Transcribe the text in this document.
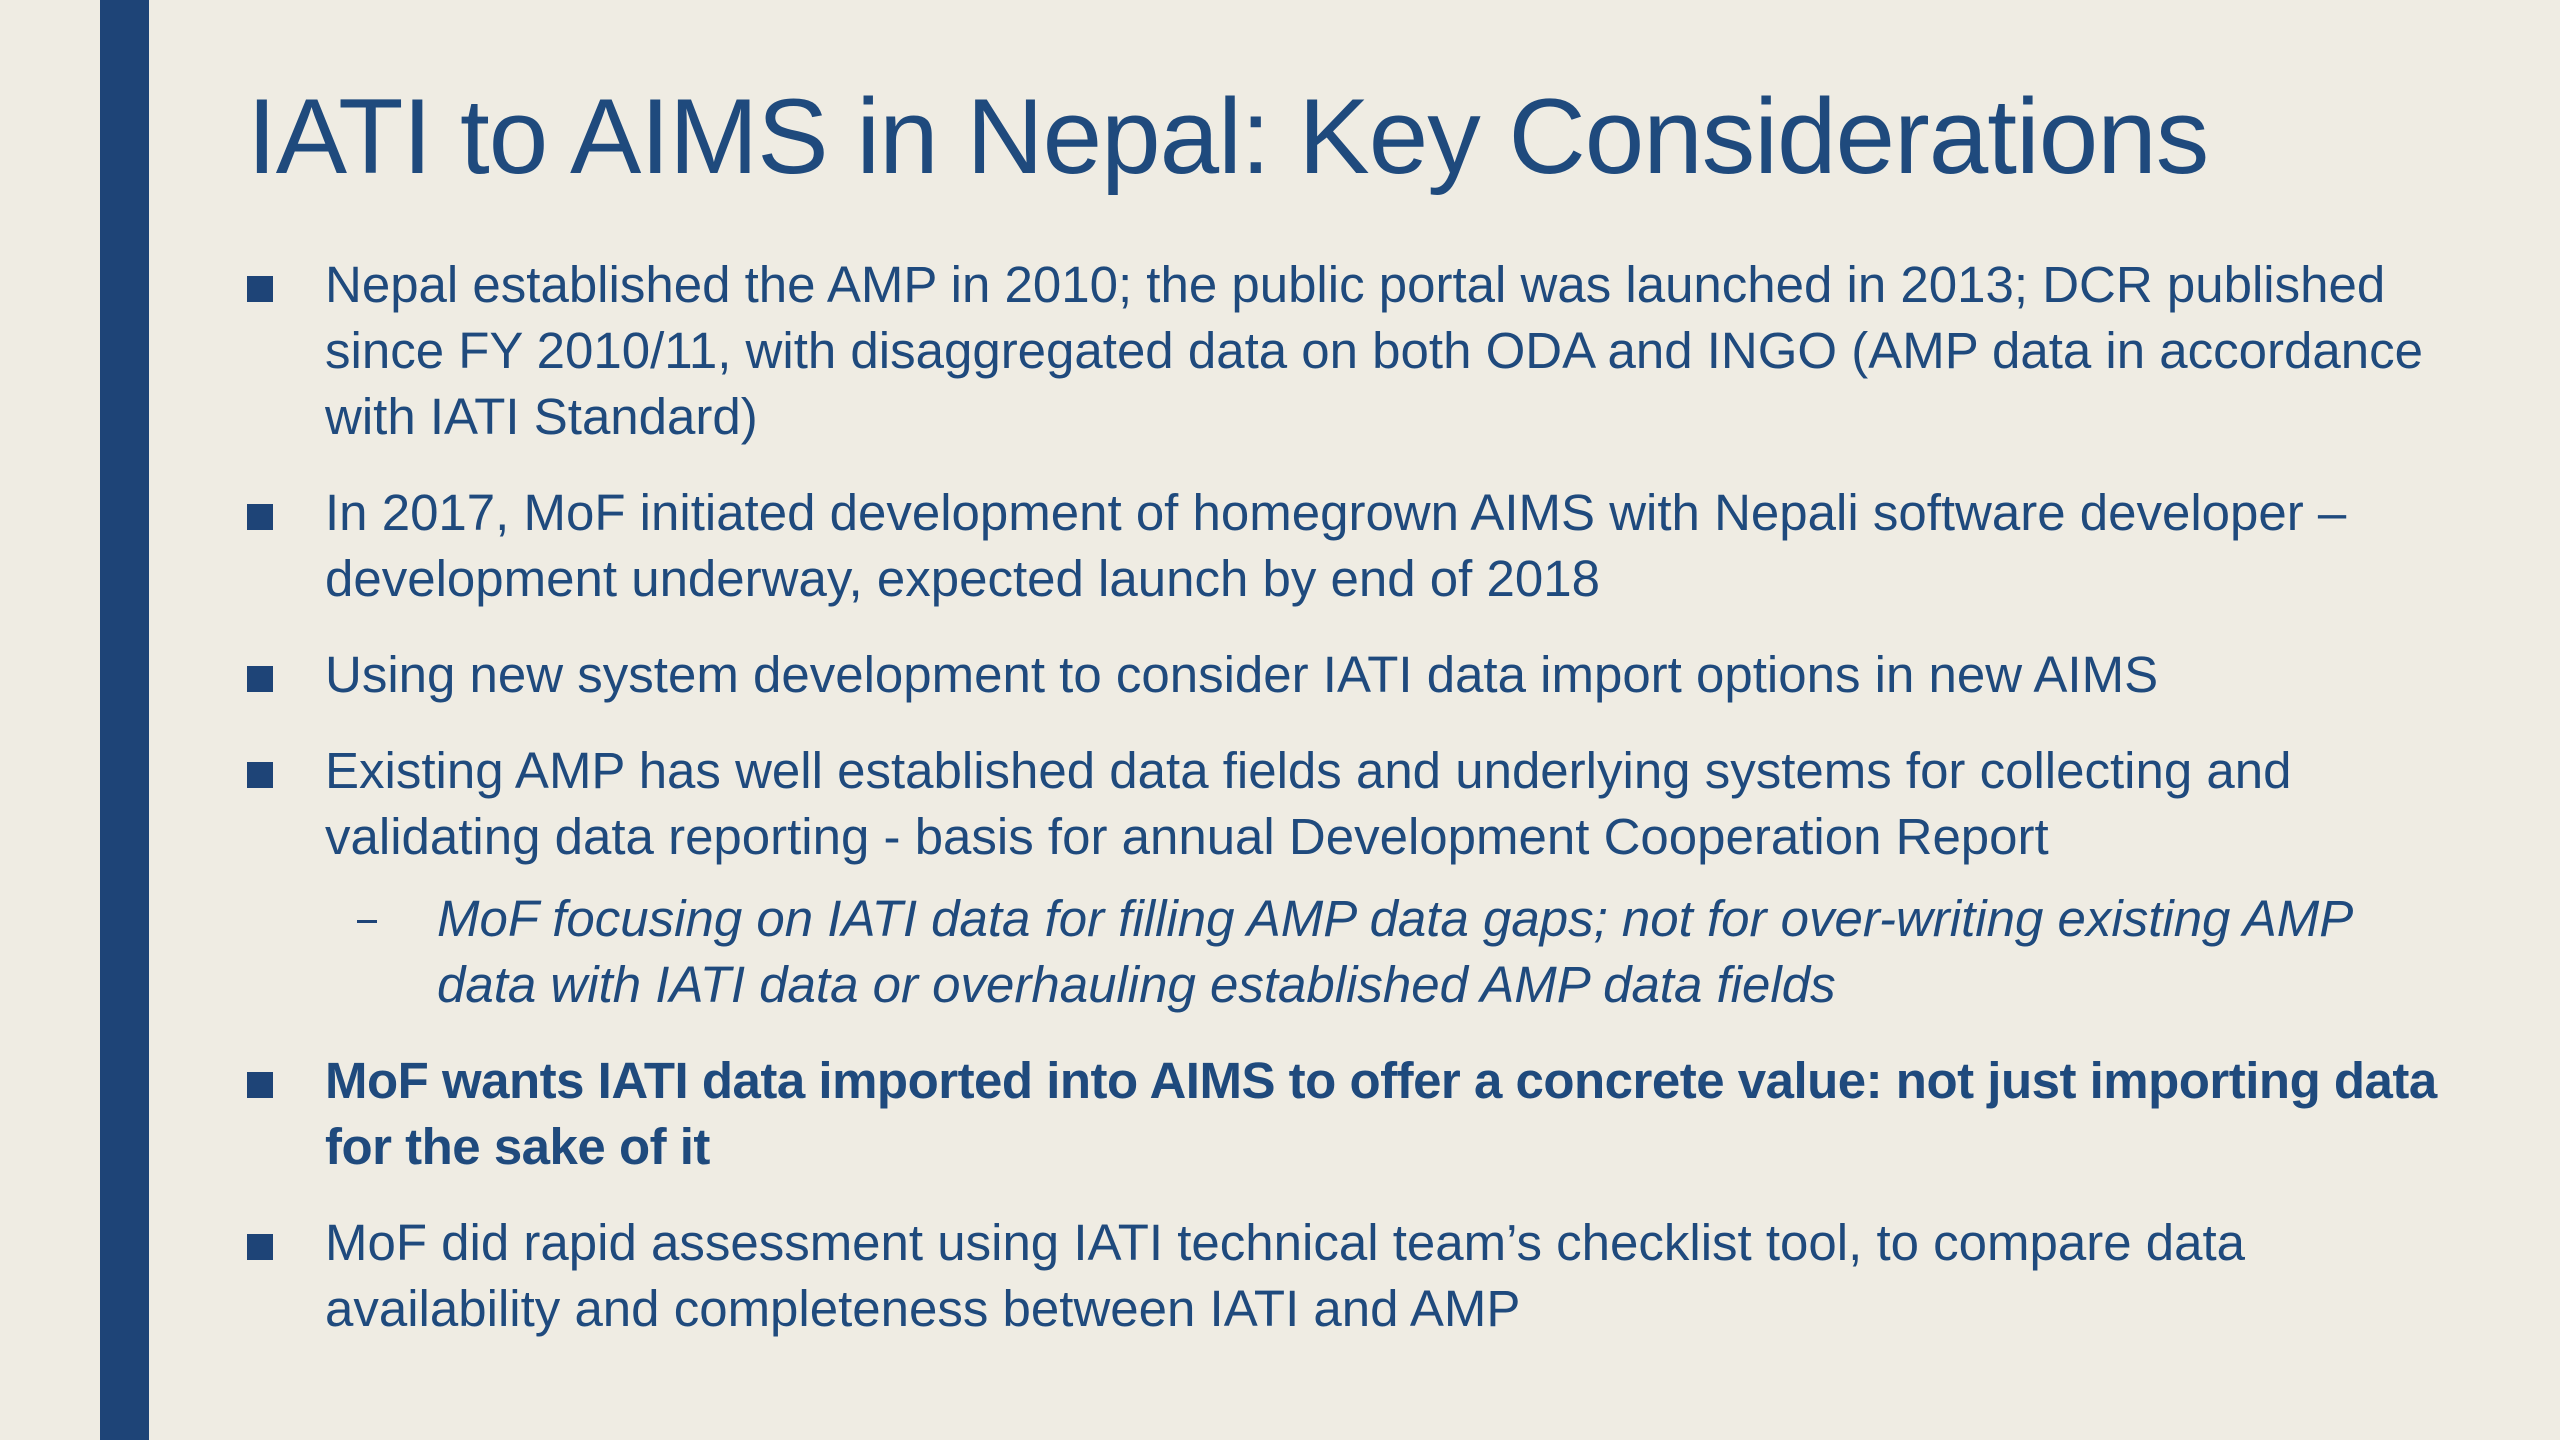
IATI to AIMS in Nepal: Key Considerations
Nepal established the AMP in 2010; the public portal was launched in 2013; DCR published since FY 2010/11, with disaggregated data on both ODA and INGO (AMP data in accordance with IATI Standard)
In 2017, MoF initiated development of homegrown AIMS with Nepali software developer – development underway, expected launch by end of 2018
Using new system development to consider IATI data import options in new AIMS
Existing AMP has well established data fields and underlying systems for collecting and validating data reporting - basis for annual Development Cooperation Report
MoF focusing on IATI data for filling AMP data gaps; not for over-writing existing AMP data with IATI data or overhauling established AMP data fields
MoF wants IATI data imported into AIMS to offer a concrete value: not just importing data for the sake of it
MoF did rapid assessment using IATI technical team’s checklist tool, to compare data availability and completeness between IATI and AMP
